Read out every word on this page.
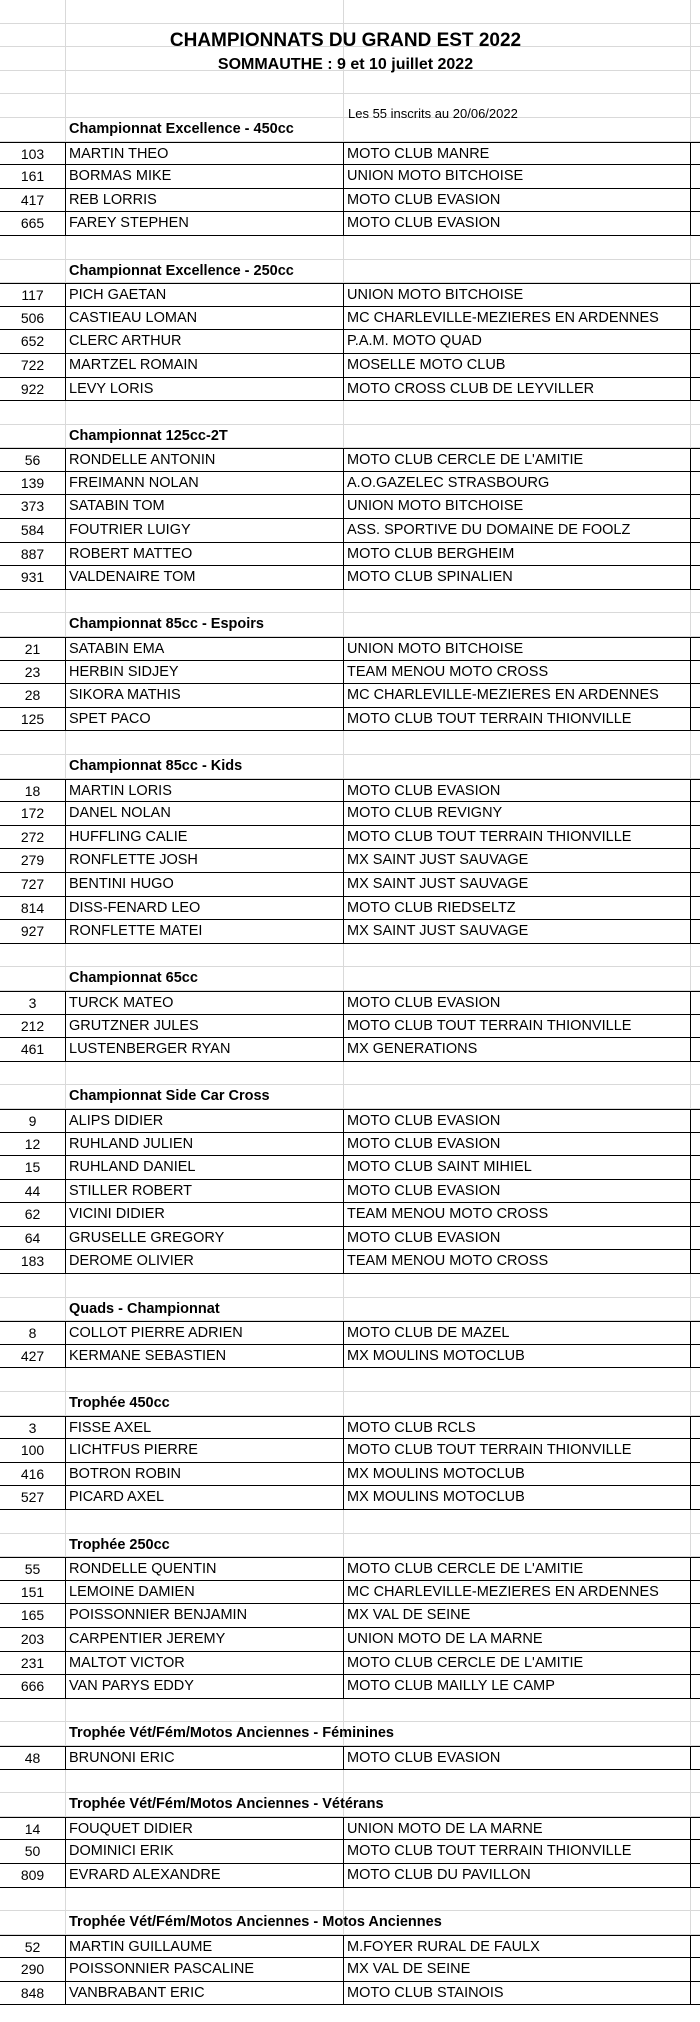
Championnat Excellence - 450cc
103	MARTIN THEO	MOTO CLUB MANRE
161	BORMAS MIKE	UNION MOTO BITCHOISE
417	REB LORRIS	MOTO CLUB EVASION
665	FAREY STEPHEN	MOTO CLUB EVASION
Championnat Excellence - 250cc
117	PICH GAETAN	UNION MOTO BITCHOISE
506	CASTIEAU LOMAN	MC CHARLEVILLE-MEZIERES EN ARDENNES
652	CLERC ARTHUR	P.A.M. MOTO QUAD
722	MARTZEL ROMAIN	MOSELLE MOTO CLUB
922	LEVY LORIS	MOTO CROSS CLUB DE LEYVILLER
Championnat 125cc-2T
56	RONDELLE ANTONIN	MOTO CLUB CERCLE DE L'AMITIE
139	FREIMANN NOLAN	A.O.GAZELEC STRASBOURG
373	SATABIN TOM	UNION MOTO BITCHOISE
584	FOUTRIER LUIGY	ASS. SPORTIVE DU DOMAINE DE FOOLZ
887	ROBERT MATTEO	MOTO CLUB BERGHEIM
931	VALDENAIRE TOM	MOTO CLUB SPINALIEN
Championnat 85cc - Espoirs
21	SATABIN EMA	UNION MOTO BITCHOISE
23	HERBIN SIDJEY	TEAM MENOU MOTO CROSS
28	SIKORA MATHIS	MC CHARLEVILLE-MEZIERES EN ARDENNES
125	SPET PACO	MOTO CLUB TOUT TERRAIN THIONVILLE
Championnat 85cc - Kids
18	MARTIN LORIS	MOTO CLUB EVASION
172	DANEL NOLAN	MOTO CLUB REVIGNY
272	HUFFLING CALIE	MOTO CLUB TOUT TERRAIN THIONVILLE
279	RONFLETTE JOSH	MX SAINT JUST SAUVAGE
727	BENTINI HUGO	MX SAINT JUST SAUVAGE
814	DISS-FENARD LEO	MOTO CLUB RIEDSELTZ
927	RONFLETTE MATEI	MX SAINT JUST SAUVAGE
Championnat 65cc
3	TURCK MATEO	MOTO CLUB EVASION
212	GRUTZNER JULES	MOTO CLUB TOUT TERRAIN THIONVILLE
461	LUSTENBERGER RYAN	MX GENERATIONS
Championnat Side Car Cross
9	ALIPS DIDIER	MOTO CLUB EVASION
12	RUHLAND JULIEN	MOTO CLUB EVASION
15	RUHLAND DANIEL	MOTO CLUB SAINT MIHIEL
44	STILLER ROBERT	MOTO CLUB EVASION
62	VICINI DIDIER	TEAM MENOU MOTO CROSS
64	GRUSELLE GREGORY	MOTO CLUB EVASION
183	DEROME OLIVIER	TEAM MENOU MOTO CROSS
Quads - Championnat
8	COLLOT PIERRE ADRIEN	MOTO CLUB DE MAZEL
427	KERMANE SEBASTIEN	MX MOULINS MOTOCLUB
Trophée 450cc
3	FISSE AXEL	MOTO CLUB RCLS
100	LICHTFUS PIERRE	MOTO CLUB TOUT TERRAIN THIONVILLE
416	BOTRON ROBIN	MX MOULINS MOTOCLUB
527	PICARD AXEL	MX MOULINS MOTOCLUB
Trophée 250cc
55	RONDELLE QUENTIN	MOTO CLUB CERCLE DE L'AMITIE
151	LEMOINE DAMIEN	MC CHARLEVILLE-MEZIERES EN ARDENNES
165	POISSONNIER BENJAMIN	MX VAL DE SEINE
203	CARPENTIER JEREMY	UNION MOTO DE LA MARNE
231	MALTOT VICTOR	MOTO CLUB CERCLE DE L'AMITIE
666	VAN PARYS EDDY	MOTO CLUB MAILLY LE CAMP
Trophée Vét/Fém/Motos Anciennes - Féminines
48	BRUNONI ERIC	MOTO CLUB EVASION
Trophée Vét/Fém/Motos Anciennes - Vétérans
14	FOUQUET DIDIER	UNION MOTO DE LA MARNE
50	DOMINICI ERIK	MOTO CLUB TOUT TERRAIN THIONVILLE
809	EVRARD ALEXANDRE	MOTO CLUB DU PAVILLON
Trophée Vét/Fém/Motos Anciennes - Motos Anciennes
52	MARTIN GUILLAUME	M.FOYER RURAL DE FAULX
290	POISSONNIER PASCALINE	MX VAL DE SEINE
848	VANBRABANT ERIC	MOTO CLUB STAINOIS
CHAMPIONNATS DU GRAND EST 2022
SOMMAUTHE : 9 et 10 juillet 2022
Les 55 inscrits au 20/06/2022
